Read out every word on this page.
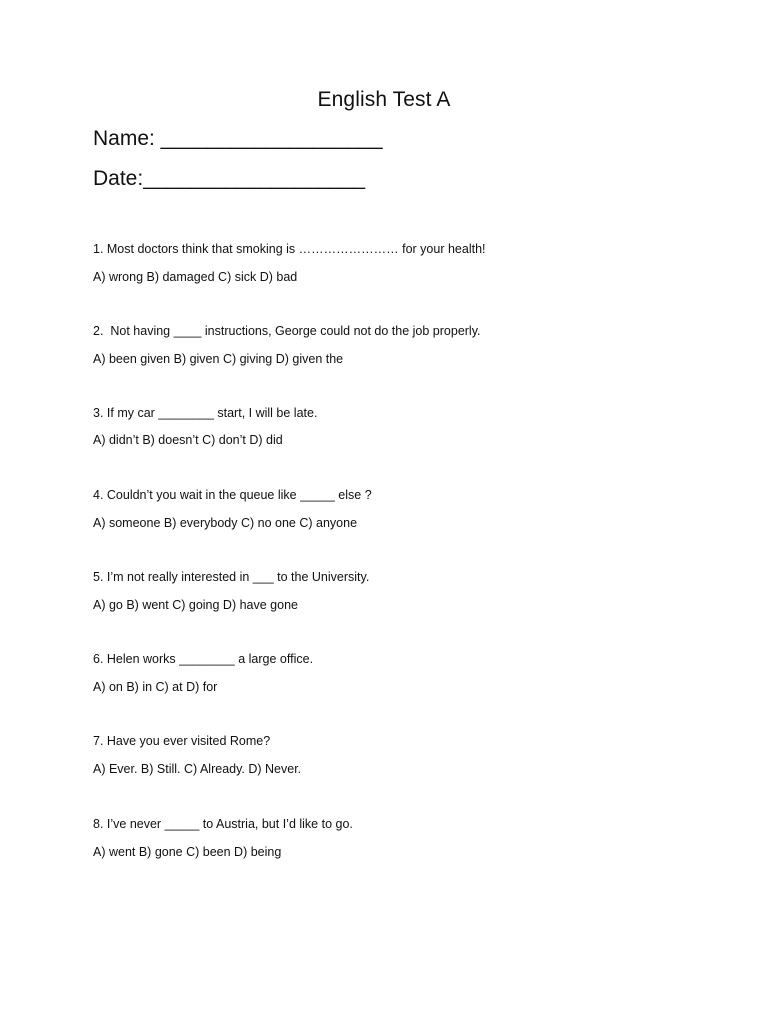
English Test A
Name: ___________________
Date:___________________
1. Most doctors think that smoking is …………………… for your health!
A) wrong B) damaged C) sick D) bad
2.  Not having ____ instructions, George could not do the job properly.
A) been given B) given C) giving D) given the
3. If my car ________ start, I will be late.
A) didn’t B) doesn’t C) don’t D) did
4. Couldn’t you wait in the queue like _____ else ?
A) someone B) everybody C) no one C) anyone
5. I’m not really interested in ___ to the University.
A) go B) went C) going D) have gone
6. Helen works ________ a large office.
A) on B) in C) at D) for
7. Have you ever visited Rome?
A) Ever. B) Still. C) Already. D) Never.
8. I’ve never _____ to Austria, but I’d like to go.
A) went B) gone C) been D) being
